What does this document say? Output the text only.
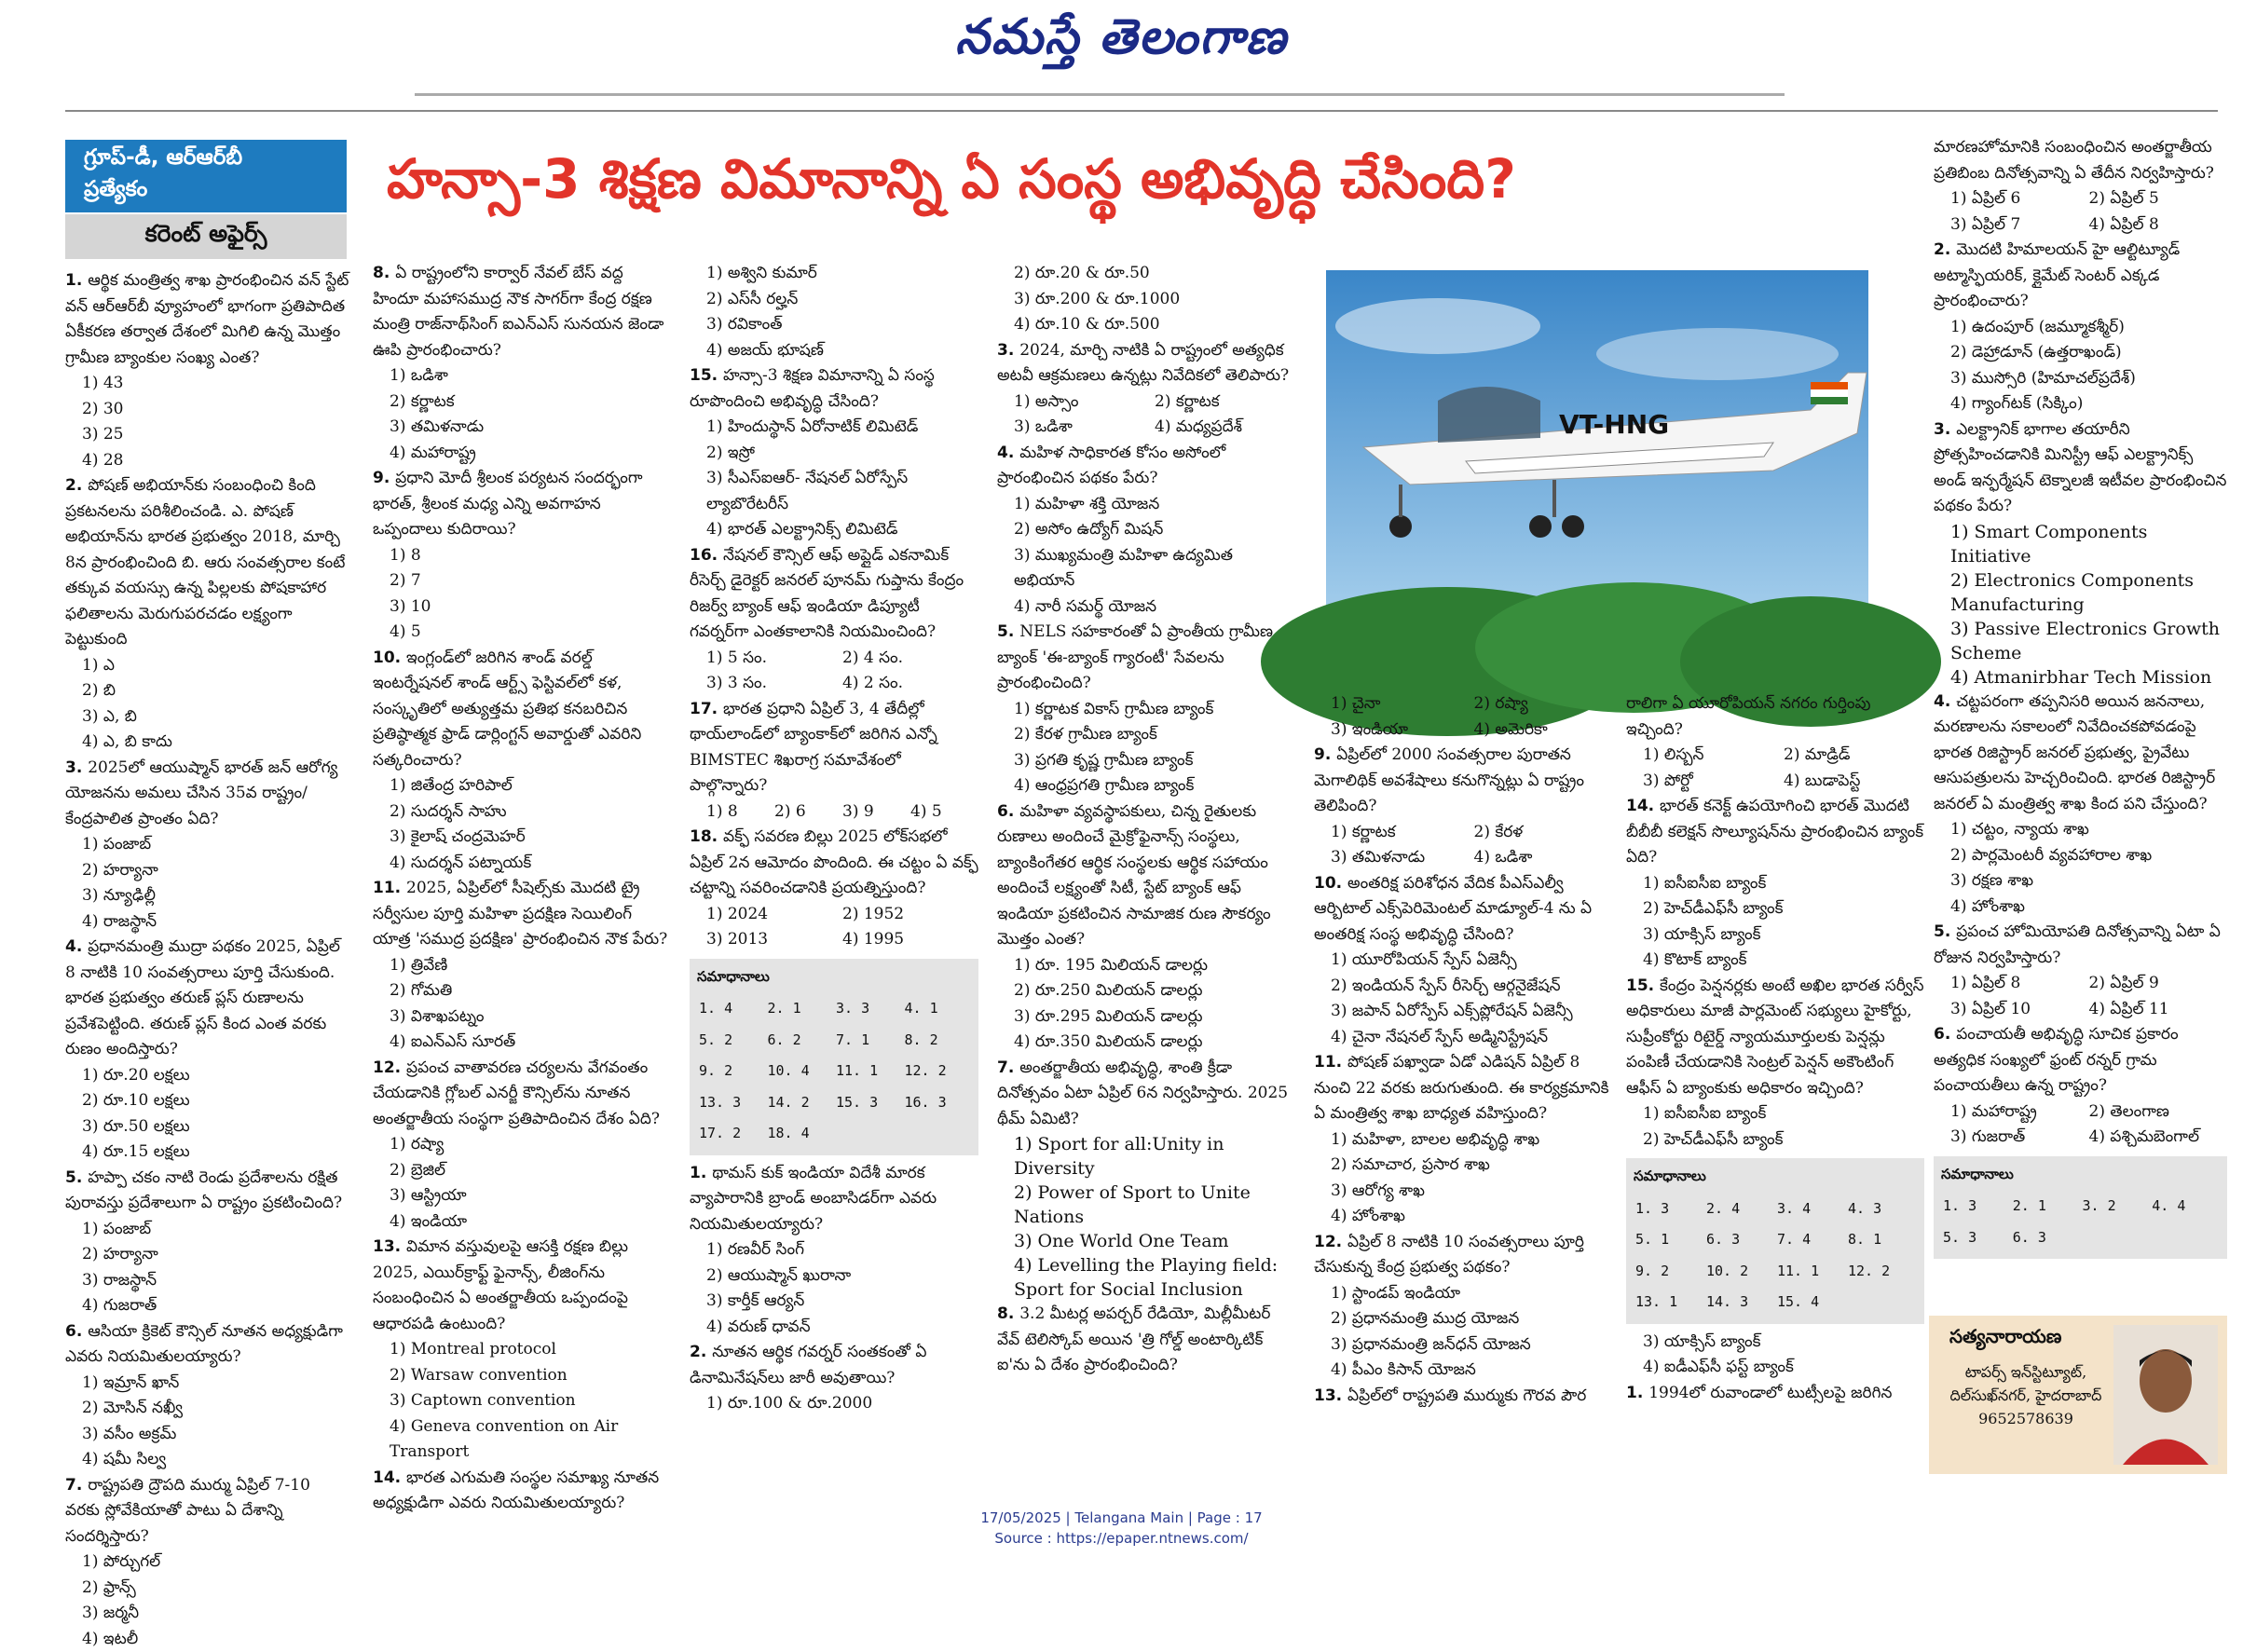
నమస్తే తెలంగాణ
గ్రూప్-డీ, ఆర్ఆర్‌బీ
ప్రత్యేకం
కరెంట్ అఫైర్స్
హన్సా-3 శిక్షణ విమానాన్ని ఏ సంస్థ అభివృద్ధి చేసింది?
1. ఆర్థిక మంత్రిత్వ శాఖ ప్రారంభించిన వన్ స్టేట్ వన్ ఆర్ఆర్‌బీ వ్యూహంలో భాగంగా ప్రతిపాదిత ఏకీకరణ తర్వాత దేశంలో మిగిలి ఉన్న మొత్తం గ్రామీణ బ్యాంకుల సంఖ్య ఎంత?
1) 43
2) 30
3) 25
4) 28
2. పోషణ్ అభియాన్‌కు సంబంధించి కింది ప్రకటనలను పరిశీలించండి. ఎ. పోషణ్ అభియాన్‌ను భారత ప్రభుత్వం 2018, మార్చి 8న ప్రారంభించింది బి. ఆరు సంవత్సరాల కంటే తక్కువ వయస్సు ఉన్న పిల్లలకు పోషకాహార ఫలితాలను మెరుగుపరచడం లక్ష్యంగా పెట్టుకుంది
1) ఎ
2) బి
3) ఎ, బి
4) ఎ, బి కాదు
3. 2025లో ఆయుష్మాన్ భారత్ జన్ ఆరోగ్య యోజనను అమలు చేసిన 35వ రాష్ట్రం/ కేంద్రపాలిత ప్రాంతం ఏది?
1) పంజాబ్
2) హర్యానా
3) న్యూఢిల్లీ
4) రాజస్థాన్
4. ప్రధానమంత్రి ముద్రా పథకం 2025, ఏప్రిల్ 8 నాటికి 10 సంవత్సరాలు పూర్తి చేసుకుంది. భారత ప్రభుత్వం తరుణ్ ప్లస్ రుణాలను ప్రవేశపెట్టింది. తరుణ్ ప్లస్ కింద ఎంత వరకు రుణం అందిస్తారు?
1) రూ.20 లక్షలు
2) రూ.10 లక్షలు
3) రూ.50 లక్షలు
4) రూ.15 లక్షలు
5. హప్పా చకం నాటి రెండు ప్రదేశాలను రక్షిత పురావస్తు ప్రదేశాలుగా ఏ రాష్ట్రం ప్రకటించింది?
1) పంజాబ్
2) హర్యానా
3) రాజస్థాన్
4) గుజరాత్
6. ఆసియా క్రికెట్ కౌన్సిల్ నూతన అధ్యక్షుడిగా ఎవరు నియమితులయ్యారు?
1) ఇమ్రాన్ ఖాన్
2) మోసిన్ నఖ్వీ
3) వసీం అక్రమ్
4) షమీ సిల్వ
7. రాష్ట్రపతి ద్రౌపది ముర్ము ఏప్రిల్ 7-10 వరకు స్లోవేకియాతో పాటు ఏ దేశాన్ని సందర్శిస్తారు?
1) పోర్చుగల్
2) ఫ్రాన్స్
3) జర్మనీ
4) ఇటలీ
8. ఏ రాష్ట్రంలోని కార్వార్ నేవల్ బేస్ వద్ద హిందూ మహాసముద్ర నౌక సాగర్‌గా కేంద్ర రక్షణ మంత్రి రాజ్‌నాథ్‌సింగ్ ఐఎన్ఎస్ సునయన జెండా ఊపి ప్రారంభించారు?
1) ఒడిశా
2) కర్ణాటక
3) తమిళనాడు
4) మహారాష్ట్ర
9. ప్రధాని మోదీ శ్రీలంక పర్యటన సందర్భంగా భారత్, శ్రీలంక మధ్య ఎన్ని అవగాహన ఒప్పందాలు కుదిరాయి?
1) 8
2) 7
3) 10
4) 5
10. ఇంగ్లండ్‌లో జరిగిన శాండ్ వరల్డ్ ఇంటర్నేషనల్ శాండ్ ఆర్ట్స్ ఫెస్టివల్‌లో కళ, సంస్కృతిలో అత్యుత్తమ ప్రతిభ కనబరిచిన ప్రతిష్ఠాత్మక ఫ్రాడ్ డార్లింగ్టన్ అవార్డుతో ఎవరిని సత్కరించారు?
1) జితేంద్ర హరిపాల్
2) సుదర్శన్ సాహు
3) కైలాష్ చంద్రమెహర్
4) సుదర్శన్ పట్నాయక్
11. 2025, ఏప్రిల్‌లో సీషెల్స్‌కు మొదటి ట్రై సర్వీసుల పూర్తి మహిళా ప్రదక్షిణ సెయిలింగ్ యాత్ర 'సముద్ర ప్రదక్షిణ' ప్రారంభించిన నౌక పేరు?
1) త్రివేణి
2) గోమతి
3) విశాఖపట్నం
4) ఐఎన్ఎస్ సూరత్
12. ప్రపంచ వాతావరణ చర్యలను వేగవంతం చేయడానికి గ్లోబల్ ఎనర్జీ కౌన్సిల్‌ను నూతన అంతర్జాతీయ సంస్థగా ప్రతిపాదించిన దేశం ఏది?
1) రష్యా
2) బ్రెజిల్
3) ఆస్ట్రియా
4) ఇండియా
13. విమాన వస్తువులపై ఆసక్తి రక్షణ బిల్లు 2025, ఎయిర్‌క్రాఫ్ట్ ఫైనాన్స్, లీజింగ్‌ను సంబంధించిన ఏ అంతర్జాతీయ ఒప్పందంపై ఆధారపడి ఉంటుంది?
1) Montreal protocol
2) Warsaw convention
3) Captown convention
4) Geneva convention on Air Transport
14. భారత ఎగుమతి సంస్థల సమాఖ్య నూతన అధ్యక్షుడిగా ఎవరు నియమితులయ్యారు?
1) అశ్విని కుమార్
2) ఎస్‌సీ రల్హన్
3) రవికాంత్
4) అజయ్ భూషణ్
15. హన్సా-3 శిక్షణ విమానాన్ని ఏ సంస్థ రూపొందించి అభివృద్ధి చేసింది?
1) హిందుస్థాన్ ఏరోనాటిక్ లిమిటెడ్
2) ఇస్రో
3) సీఎస్ఐఆర్- నేషనల్ ఏరోస్పేస్ ల్యాబొరేటరీస్
4) భారత్ ఎలక్ట్రానిక్స్ లిమిటెడ్
16. నేషనల్ కౌన్సిల్ ఆఫ్ అప్లైడ్ ఎకనామిక్ రీసెర్చ్ డైరెక్టర్ జనరల్ పూనమ్ గుప్తాను కేంద్రం రిజర్వ్ బ్యాంక్ ఆఫ్ ఇండియా డిప్యూటీ గవర్నర్‌గా ఎంతకాలానికి నియమించింది?
1) 5 సం.	2) 4 సం.
3) 3 సం.	4) 2 సం.
17. భారత ప్రధాని ఏప్రిల్ 3, 4 తేదీల్లో థాయ్‌లాండ్‌లో బ్యాంకాక్‌లో జరిగిన ఎన్నో BIMSTEC శిఖరాగ్ర సమావేశంలో పాల్గొన్నారు?
1) 8	2) 6	3) 9	4) 5
18. వక్ఫ్ సవరణ బిల్లు 2025 లోక్‌సభలో ఏప్రిల్ 2న ఆమోదం పొందింది. ఈ చట్టం ఏ వక్ఫ్ చట్టాన్ని సవరించడానికి ప్రయత్నిస్తుంది?
1) 2024	2) 1952
3) 2013	4) 1995
సమాధానాలు
1. 4	2. 1	3. 3	4. 1
5. 2	6. 2	7. 1	8. 2
9. 2	10. 4	11. 1	12. 2
13. 3	14. 2	15. 3	16. 3
17. 2	18. 4		
1. థామస్ కుక్ ఇండియా విదేశీ మారక వ్యాపారానికి బ్రాండ్ అంబాసిడర్‌గా ఎవరు నియమితులయ్యారు?
1) రణవీర్ సింగ్
2) ఆయుష్మాన్ ఖురానా
3) కార్తీక్ ఆర్యన్
4) వరుణ్ ధావన్
2. నూతన ఆర్థిక గవర్నర్ సంతకంతో ఏ డినామినేషన్‌లు జారీ అవుతాయి?
1) రూ.100 & రూ.2000
2) రూ.20 & రూ.50
3) రూ.200 & రూ.1000
4) రూ.10 & రూ.500
3. 2024, మార్చి నాటికి ఏ రాష్ట్రంలో అత్యధిక అటవీ ఆక్రమణలు ఉన్నట్లు నివేదికలో తెలిపారు?
1) అస్సాం	2) కర్ణాటక
3) ఒడిశా	4) మధ్యప్రదేశ్
4. మహిళ సాధికారత కోసం అసోంలో ప్రారంభించిన పథకం పేరు?
1) మహిళా శక్తి యోజన
2) అసోం ఉద్యోగ్ మిషన్
3) ముఖ్యమంత్రి మహిళా ఉద్యమిత అభియాన్
4) నారీ సమర్థ్ యోజన
5. NELS సహకారంతో ఏ ప్రాంతీయ గ్రామీణ బ్యాంక్ 'ఈ-బ్యాంక్ గ్యారంటీ' సేవలను ప్రారంభించింది?
1) కర్ణాటక వికాస్ గ్రామీణ బ్యాంక్
2) కేరళ గ్రామీణ బ్యాంక్
3) ప్రగతి కృష్ణ గ్రామీణ బ్యాంక్
4) ఆంధ్రప్రగతి గ్రామీణ బ్యాంక్
6. మహిళా వ్యవస్థాపకులు, చిన్న రైతులకు రుణాలు అందించే మైక్రోఫైనాన్స్ సంస్థలు, బ్యాంకింగేతర ఆర్థిక సంస్థలకు ఆర్థిక సహాయం అందించే లక్ష్యంతో సిటీ, స్టేట్ బ్యాంక్ ఆఫ్ ఇండియా ప్రకటించిన సామాజిక రుణ సౌకర్యం మొత్తం ఎంత?
1) రూ. 195 మిలియన్ డాలర్లు
2) రూ.250 మిలియన్ డాలర్లు
3) రూ.295 మిలియన్ డాలర్లు
4) రూ.350 మిలియన్ డాలర్లు
7. అంతర్జాతీయ అభివృద్ధి, శాంతి క్రీడా దినోత్సవం ఏటా ఏప్రిల్ 6న నిర్వహిస్తారు. 2025 థీమ్ ఏమిటి?
1) Sport for all:Unity in Diversity
2) Power of Sport to Unite Nations
3) One World One Team
4) Levelling the Playing field: Sport for Social Inclusion
8. 3.2 మీటర్ల అపర్చర్ రేడియో, మిల్లీమీటర్ వేవ్ టెలిస్కోప్ అయిన 'త్రి గోల్డ్ అంటార్కిటిక్ ఐ'ను ఏ దేశం ప్రారంభించింది?
VT-HNG
1) చైనా	2) రష్యా
3) ఇండియా	4) అమెరికా
9. ఏప్రిల్‌లో 2000 సంవత్సరాల పురాతన మెగాలిథిక్ అవశేషాలు కనుగొన్నట్లు ఏ రాష్ట్రం తెలిపింది?
1) కర్ణాటక	2) కేరళ
3) తమిళనాడు	4) ఒడిశా
10. అంతరిక్ష పరిశోధన వేదిక పీఎస్ఎల్వీ ఆర్బిటాల్ ఎక్స్‌పెరిమెంటల్ మాడ్యూల్-4 ను ఏ అంతరిక్ష సంస్థ అభివృద్ధి చేసింది?
1) యూరోపియన్ స్పేస్ ఏజెన్సీ
2) ఇండియన్ స్పేస్ రీసెర్చ్ ఆర్గనైజేషన్
3) జపాన్ ఏరోస్పేస్ ఎక్స్‌ప్లోరేషన్ ఏజెన్సీ
4) చైనా నేషనల్ స్పేస్ అడ్మినిస్ట్రేషన్
11. పోషణ్ పఖ్వాడా ఏడో ఎడిషన్ ఏప్రిల్ 8 నుంచి 22 వరకు జరుగుతుంది. ఈ కార్యక్రమానికి ఏ మంత్రిత్వ శాఖ బాధ్యత వహిస్తుంది?
1) మహిళా, బాలల అభివృద్ధి శాఖ
2) సమాచార, ప్రసార శాఖ
3) ఆరోగ్య శాఖ
4) హోంశాఖ
12. ఏప్రిల్ 8 నాటికి 10 సంవత్సరాలు పూర్తి చేసుకున్న కేంద్ర ప్రభుత్వ పథకం?
1) స్టాండప్ ఇండియా
2) ప్రధానమంత్రి ముద్ర యోజన
3) ప్రధానమంత్రి జన్‌ధన్ యోజన
4) పీఎం కిసాన్ యోజన
13. ఏప్రిల్‌లో రాష్ట్రపతి ముర్ముకు గౌరవ పౌర
రాలిగా ఏ యూరోపియన్ నగరం గుర్తింపు ఇచ్చింది?
1) లిస్బన్	2) మాడ్రిడ్
3) పోర్టో	4) బుడాపెస్ట్
14. భారత్ కనెక్ట్ ఉపయోగించి భారత్ మొదటి బీబీబీ కలెక్షన్ సొల్యూషన్‌ను ప్రారంభించిన బ్యాంక్ ఏది?
1) ఐసీఐసీఐ బ్యాంక్
2) హెచ్‌డీఎఫ్‌సీ బ్యాంక్
3) యాక్సిస్ బ్యాంక్
4) కొటాక్ బ్యాంక్
15. కేంద్రం పెన్షనర్లకు అంటే అఖిల భారత సర్వీస్ అధికారులు మాజీ పార్లమెంట్ సభ్యులు హైకోర్టు, సుప్రీంకోర్టు రిటైర్డ్ న్యాయమూర్తులకు పెన్షన్లు పంపిణీ చేయడానికి సెంట్రల్ పెన్షన్ అకౌంటింగ్ ఆఫీస్ ఏ బ్యాంకుకు అధికారం ఇచ్చింది?
1) ఐసీఐసీఐ బ్యాంక్
2) హెచ్‌డీఎఫ్‌సీ బ్యాంక్
సమాధానాలు
1. 3	2. 4	3. 4	4. 3
5. 1	6. 3	7. 4	8. 1
9. 2	10. 2	11. 1	12. 2
13. 1	14. 3	15. 4	
3) యాక్సిస్ బ్యాంక్
4) ఐడీఎఫ్‌సీ ఫస్ట్ బ్యాంక్
1. 1994లో రువాండాలో టుట్సీలపై జరిగిన
మారణహోమానికి సంబంధించిన అంతర్జాతీయ ప్రతిబింబ దినోత్సవాన్ని ఏ తేదీన నిర్వహిస్తారు?
1) ఏప్రిల్ 6	2) ఏప్రిల్ 5
3) ఏప్రిల్ 7	4) ఏప్రిల్ 8
2. మొదటి హిమాలయన్ హై ఆల్టిట్యూడ్ అట్మాస్ఫియరిక్, క్లైమేట్ సెంటర్ ఎక్కడ ప్రారంభించారు?
1) ఉదంపూర్ (జమ్మూకశ్మీర్)
2) డెహ్రాడూన్ (ఉత్తరాఖండ్)
3) ముస్సోరి (హిమాచల్‌ప్రదేశ్)
4) గ్యాంగ్‌టక్ (సిక్కిం)
3. ఎలక్ట్రానిక్ భాగాల తయారీని ప్రోత్సహించడానికి మినిస్ట్రీ ఆఫ్ ఎలక్ట్రానిక్స్ అండ్ ఇన్ఫర్మేషన్ టెక్నాలజీ ఇటీవల ప్రారంభించిన పథకం పేరు?
1) Smart Components Initiative
2) Electronics Components Manufacturing
3) Passive Electronics Growth Scheme
4) Atmanirbhar Tech Mission
4. చట్టపరంగా తప్పనిసరి అయిన జననాలు, మరణాలను సకాలంలో నివేదించకపోవడంపై భారత రిజిస్ట్రార్ జనరల్ ప్రభుత్వ, ప్రైవేటు ఆసుపత్రులను హెచ్చరించింది. భారత రిజిస్ట్రార్ జనరల్ ఏ మంత్రిత్వ శాఖ కింద పని చేస్తుంది?
1) చట్టం, న్యాయ శాఖ
2) పార్లమెంటరీ వ్యవహారాల శాఖ
3) రక్షణ శాఖ
4) హోంశాఖ
5. ప్రపంచ హోమియోపతి దినోత్సవాన్ని ఏటా ఏ రోజున నిర్వహిస్తారు?
1) ఏప్రిల్ 8	2) ఏప్రిల్ 9
3) ఏప్రిల్ 10	4) ఏప్రిల్ 11
6. పంచాయతీ అభివృద్ధి సూచిక ప్రకారం అత్యధిక సంఖ్యలో ఫ్రంట్ రన్నర్ గ్రామ పంచాయతీలు ఉన్న రాష్ట్రం?
1) మహారాష్ట్ర	2) తెలంగాణ
3) గుజరాత్	4) పశ్చిమబెంగాల్
సమాధానాలు
1. 3	2. 1	3. 2	4. 4
5. 3	6. 3		
సత్యనారాయణ
టాపర్స్ ఇన్‌స్టిట్యూట్,
దిల్‌సుఖ్‌నగర్, హైదరాబాద్
9652578639
17/05/2025 | Telangana Main | Page : 17
Source : https://epaper.ntnews.com/
